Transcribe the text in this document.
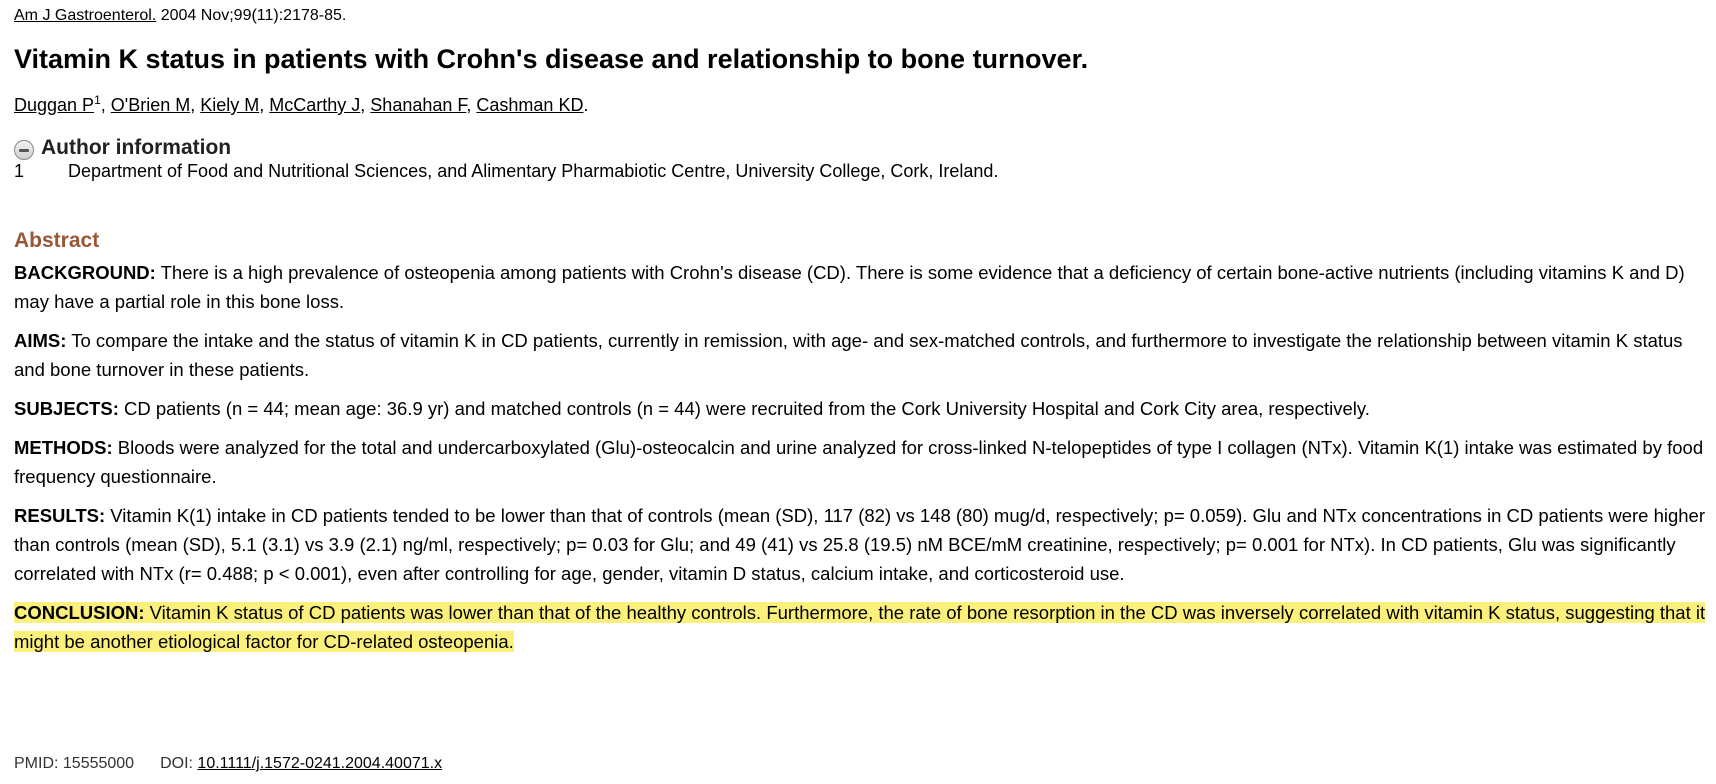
Am J Gastroenterol. 2004 Nov;99(11):2178-85.
Vitamin K status in patients with Crohn's disease and relationship to bone turnover.
Duggan $P^1$, O'Brien M, Kiely M, McCarthy J, Shanahan F, Cashman KD.
Author information
1	Department of Food and Nutritional Sciences, and Alimentary Pharmabiotic Centre, University College, Cork, Ireland.
Abstract

BACKGROUND: There is a high prevalence of osteopenia among patients with Crohn's disease (CD). There is some evidence that a deficiency of certain bone-active nutrients (including vitamins K and D) may have a partial role in this bone loss.

AIMS: To compare the intake and the status of vitamin K in CD patients, currently in remission, with age- and sex-matched controls, and furthermore to investigate the relationship between vitamin K status and bone turnover in these patients.

SUBJECTS: CD patients (n = 44; mean age: 36.9 yr) and matched controls (n = 44) were recruited from the Cork University Hospital and Cork City area, respectively.

METHODS: Bloods were analyzed for the total and undercarboxylated (Glu)-osteocalcin and urine analyzed for cross-linked N-telopeptides of type I collagen (NTx). Vitamin K(1) intake was estimated by food frequency questionnaire.

RESULTS: Vitamin K(1) intake in CD patients tended to be lower than that of controls (mean (SD), 117 (82) vs 148 (80) mug/d, respectively; p= 0.059). Glu and NTx concentrations in CD patients were higher than controls (mean (SD), 5.1 (3.1) vs 3.9 (2.1) ng/ml, respectively; p= 0.03 for Glu; and 49 (41) vs 25.8 (19.5) nM BCE/mM creatinine, respectively; p= 0.001 for NTx). In CD patients, Glu was significantly correlated with NTx (r= 0.488; p < 0.001), even after controlling for age, gender, vitamin D status, calcium intake, and corticosteroid use.

CONCLUSION: Vitamin K status of CD patients was lower than that of the healthy controls. Furthermore, the rate of bone resorption in the CD was inversely correlated with vitamin K status, suggesting that it might be another etiological factor for CD-related osteopenia.

PMID: 15555000 DOI: 10.1111/j.1572-0241.2004.40071.x
